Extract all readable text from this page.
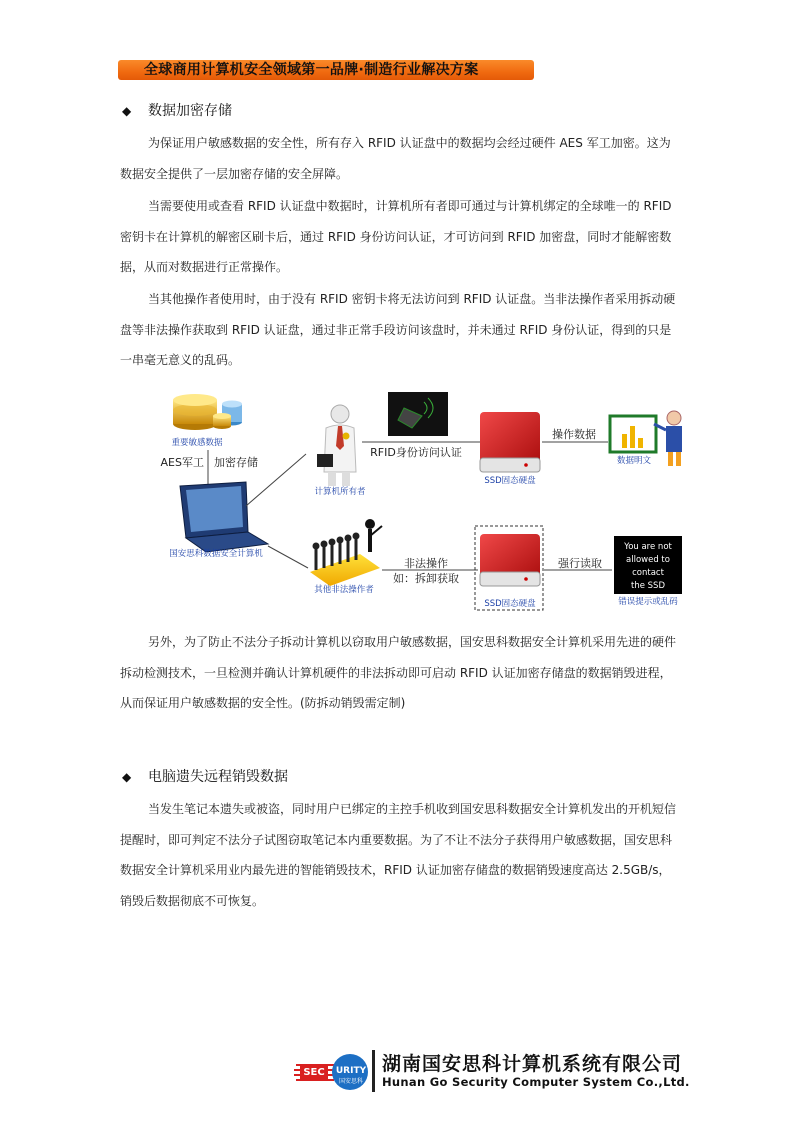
全球商用计算机安全领域第一品牌·制造行业解决方案
◆ 数据加密存储

为保证用户敏感数据的安全性，所有存入 RFID 认证盘中的数据均会经过硬件 AES 军工加密。这为数据安全提供了一层加密存储的安全屏障。

当需要使用或查看 RFID 认证盘中数据时，计算机所有者即可通过与计算机绑定的全球唯一的 RFID 密钥卡在计算机的解密区刷卡后，通过 RFID 身份访问认证，才可访问到 RFID 加密盘，同时才能解密数据，从而对数据进行正常操作。

当其他操作者使用时，由于没有 RFID 密钥卡将无法访问到 RFID 认证盘。当非法操作者采用拆动硬盘等非法操作获取到 RFID 认证盘，通过非正常手段访问该盘时，并未通过 RFID 身份认证，得到的只是一串毫无意义的乱码。

重要敏感数据
AES军工 加密存储
国安思科数据安全计算机
计算机所有者
RFID身份访问认证
SSD固态硬盘
操作数据
数据明文
其他非法操作者
非法操作
如：拆卸获取
SSD固态硬盘
强行读取
You are not
allowed to
contact
the SSD
错误提示或乱码

另外，为了防止不法分子拆动计算机以窃取用户敏感数据，国安思科数据安全计算机采用先进的硬件拆动检测技术，一旦检测并确认计算机硬件的非法拆动即可启动 RFID 认证加密存储盘的数据销毁进程，从而保证用户敏感数据的安全性。(防拆动销毁需定制)

◆ 电脑遗失远程销毁数据

当发生笔记本遗失或被盗，同时用户已绑定的主控手机收到国安思科数据安全计算机发出的开机短信提醒时，即可判定不法分子试图窃取笔记本内重要数据。为了不让不法分子获得用户敏感数据，国安思科数据安全计算机采用业内最先进的智能销毁技术，RFID 认证加密存储盘的数据销毁速度高达 2.5GB/s，销毁后数据彻底不可恢复。

SEC URITY
国安思科
湖南国安思科计算机系统有限公司
Hunan Go Security Computer System Co.,Ltd.
